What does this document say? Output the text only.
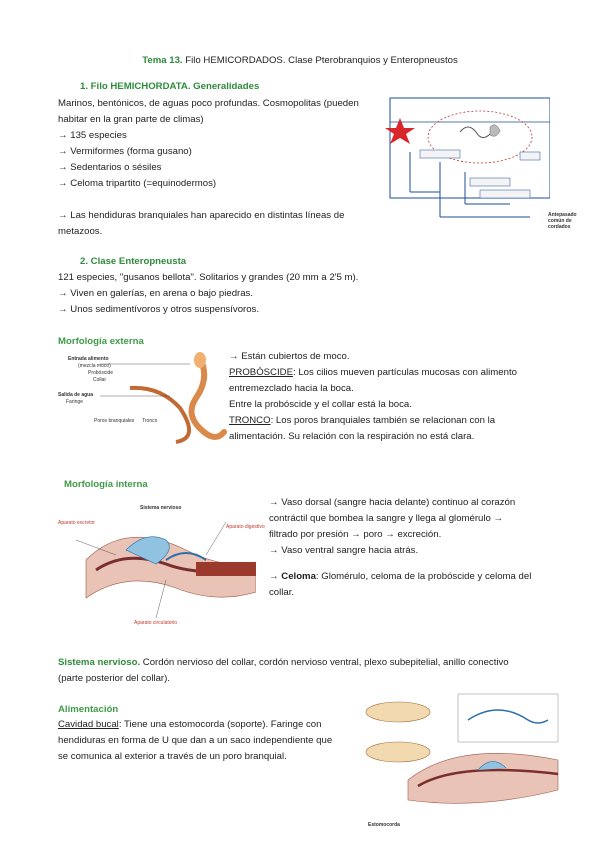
Tema 13. Filo HEMICORDADOS. Clase Pterobranquios y Enteropneustos
1. Filo HEMICHORDATA. Generalidades

Marinos, bentónicos, de aguas poco profundas. Cosmopolitas (pueden

habitar en la gran parte de climas)

→ 135 especies

→ Vermiformes (forma gusano)

→ Sedentarios o sésiles

→ Celoma tripartito (=equinodermos)

→ Las hendiduras branquiales han aparecido en distintas líneas de

metazoos.

Antepasado
común de
cordados
2. Clase Enteropneusta

121 especies, "gusanos bellota". Solitarios y grandes (20 mm a 2'5 m).

→ Viven en galerías, en arena o bajo piedras.

→ Unos sedimentívoros y otros suspensívoros.

Morfología externa
Entrada alimento
(mezcla moco)
Probóscide
Collar
Salida de agua
Faringe
Poros branquiales Tronco

→ Están cubiertos de moco.

PROBÓSCIDE: Los cilios mueven partículas mucosas con alimento

entremezclado hacia la boca.

Entre la probóscide y el collar está la boca.

TRONCO: Los poros branquiales también se relacionan con la

alimentación. Su relación con la respiración no está clara.

Morfología interna
Sistema nervioso
Aparato excretor
Aparato digestivo
Aparato circulatorio

→ Vaso dorsal (sangre hacia delante) continuo al corazón

contráctil que bombea la sangre y llega al glomérulo →

filtrado por presión → poro → excreción.

→ Vaso ventral sangre hacia atrás.

→ Celoma: Glomérulo, celoma de la probóscide y celoma del

collar.

Sistema nervioso. Cordón nervioso del collar, cordón nervioso ventral, plexo subepitelial, anillo conectivo

(parte posterior del collar).

Alimentación

Cavidad bucal: Tiene una estomocorda (soporte). Faringe con

hendiduras en forma de U que dan a un saco independiente que

se comunica al exterior a través de un poro branquial.

Estomocorda
